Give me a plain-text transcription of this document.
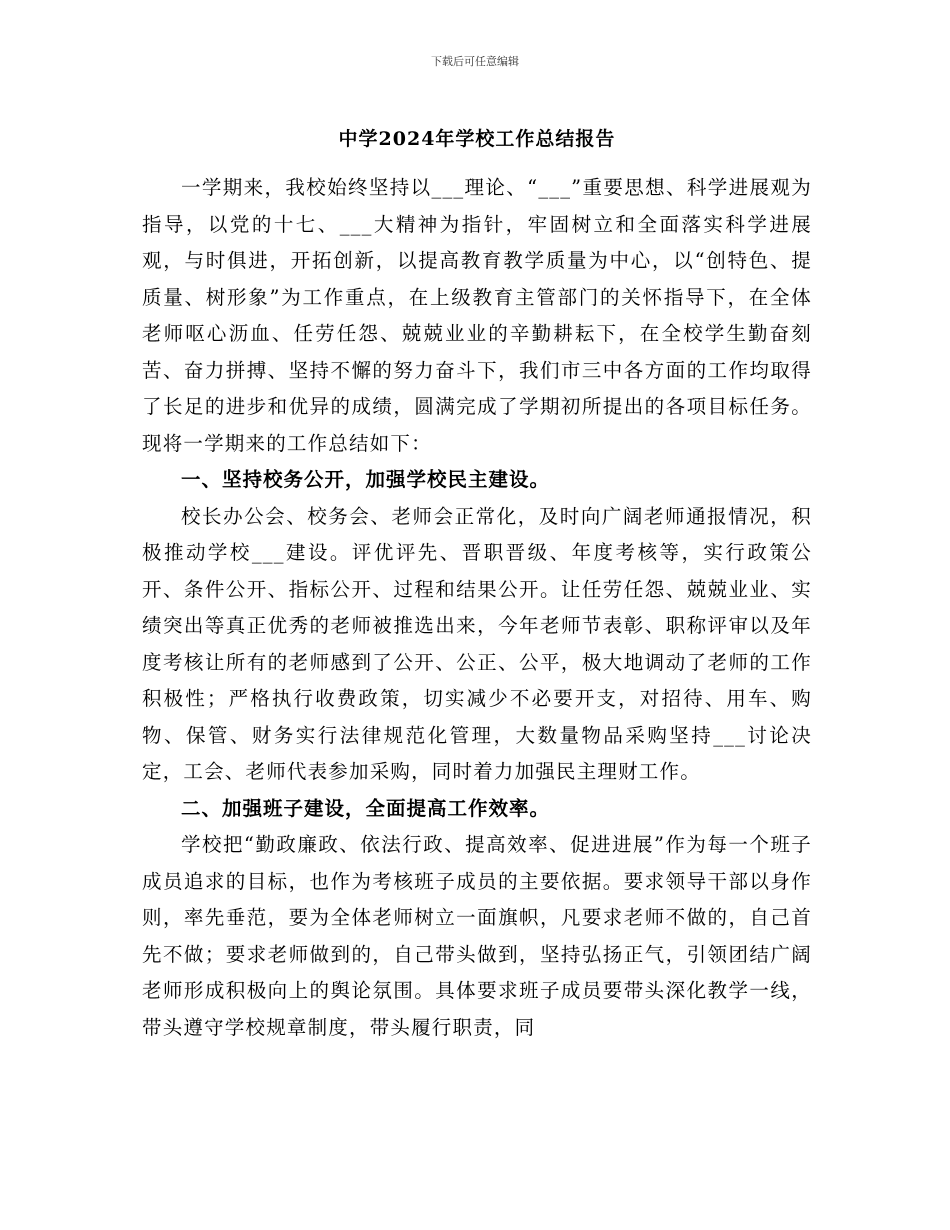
下载后可任意编辑
中学2024年学校工作总结报告

一学期来，我校始终坚持以___理论、“___”重要思想、科学进展观为指导，以党的十七、___大精神为指针，牢固树立和全面落实科学进展观，与时俱进，开拓创新，以提高教育教学质量为中心，以“创特色、提质量、树形象”为工作重点，在上级教育主管部门的关怀指导下，在全体老师呕心沥血、任劳任怨、兢兢业业的辛勤耕耘下，在全校学生勤奋刻苦、奋力拼搏、坚持不懈的努力奋斗下，我们市三中各方面的工作均取得了长足的进步和优异的成绩，圆满完成了学期初所提出的各项目标任务。现将一学期来的工作总结如下：

一、坚持校务公开，加强学校民主建设。

校长办公会、校务会、老师会正常化，及时向广阔老师通报情况，积极推动学校___建设。评优评先、晋职晋级、年度考核等，实行政策公开、条件公开、指标公开、过程和结果公开。让任劳任怨、兢兢业业、实绩突出等真正优秀的老师被推选出来，今年老师节表彰、职称评审以及年度考核让所有的老师感到了公开、公正、公平，极大地调动了老师的工作积极性；严格执行收费政策，切实减少不必要开支，对招待、用车、购物、保管、财务实行法律规范化管理，大数量物品采购坚持___讨论决定，工会、老师代表参加采购，同时着力加强民主理财工作。

二、加强班子建设，全面提高工作效率。

学校把“勤政廉政、依法行政、提高效率、促进进展”作为每一个班子成员追求的目标，也作为考核班子成员的主要依据。要求领导干部以身作则，率先垂范，要为全体老师树立一面旗帜，凡要求老师不做的，自己首先不做；要求老师做到的，自己带头做到，坚持弘扬正气，引领团结广阔老师形成积极向上的舆论氛围。具体要求班子成员要带头深化教学一线，带头遵守学校规章制度，带头履行职责，同
